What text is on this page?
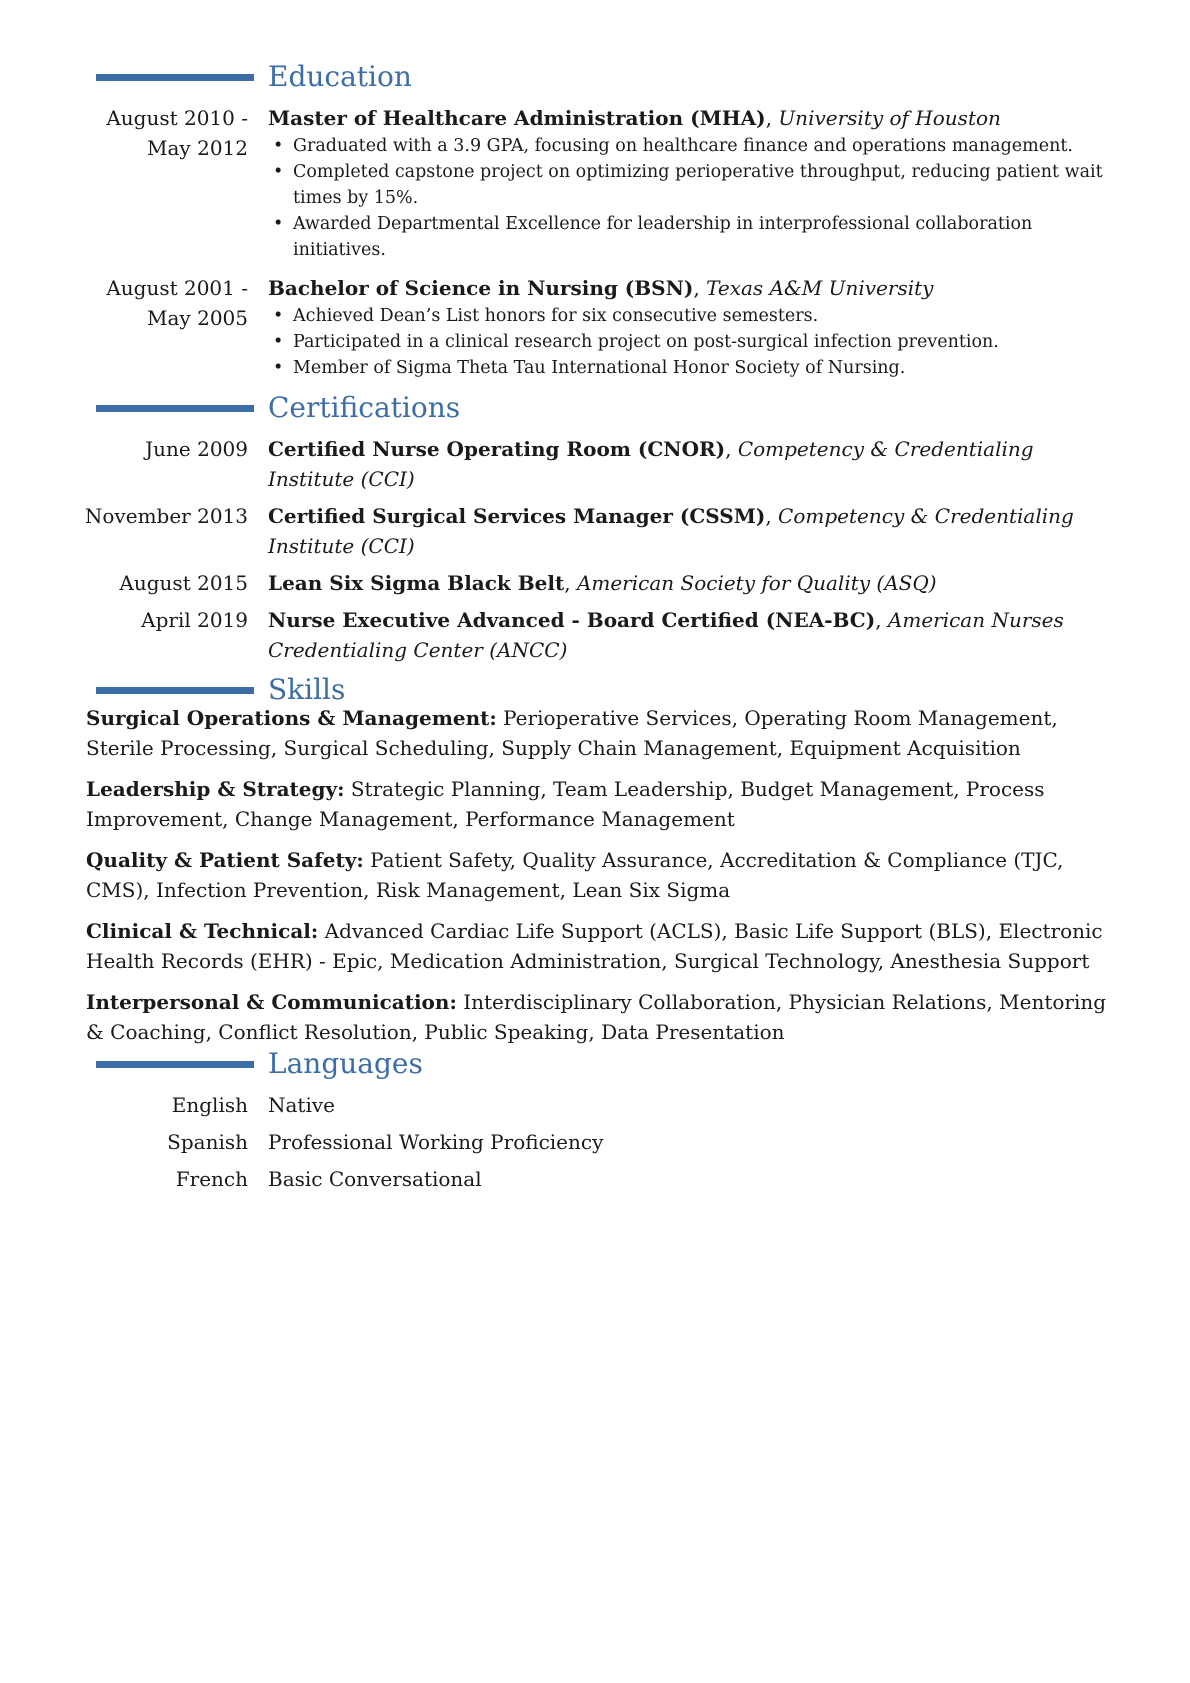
Education
August 2010 -
May 2012
Master of Healthcare Administration (MHA), University of Houston
• Graduated with a 3.9 GPA, focusing on healthcare finance and operations management.
• Completed capstone project on optimizing perioperative throughput, reducing patient wait times by 15%.
• Awarded Departmental Excellence for leadership in interprofessional collaboration initiatives.
August 2001 -
May 2005
Bachelor of Science in Nursing (BSN), Texas A&M University
• Achieved Dean’s List honors for six consecutive semesters.
• Participated in a clinical research project on post-surgical infection prevention.
• Member of Sigma Theta Tau International Honor Society of Nursing.
Certifications
June 2009 Certified Nurse Operating Room (CNOR), Competency & Credentialing Institute (CCI)
November 2013 Certified Surgical Services Manager (CSSM), Competency & Credentialing Institute (CCI)
August 2015 Lean Six Sigma Black Belt, American Society for Quality (ASQ)
April 2019 Nurse Executive Advanced - Board Certified (NEA-BC), American Nurses Credentialing Center (ANCC)
Skills
Surgical Operations & Management: Perioperative Services, Operating Room Management, Sterile Processing, Surgical Scheduling, Supply Chain Management, Equipment Acquisition
Leadership & Strategy: Strategic Planning, Team Leadership, Budget Management, Process Improvement, Change Management, Performance Management
Quality & Patient Safety: Patient Safety, Quality Assurance, Accreditation & Compliance (TJC, CMS), Infection Prevention, Risk Management, Lean Six Sigma
Clinical & Technical: Advanced Cardiac Life Support (ACLS), Basic Life Support (BLS), Electronic Health Records (EHR) - Epic, Medication Administration, Surgical Technology, Anesthesia Support
Interpersonal & Communication: Interdisciplinary Collaboration, Physician Relations, Mentoring & Coaching, Conflict Resolution, Public Speaking, Data Presentation
Languages
English Native
Spanish Professional Working Proficiency
French Basic Conversational
